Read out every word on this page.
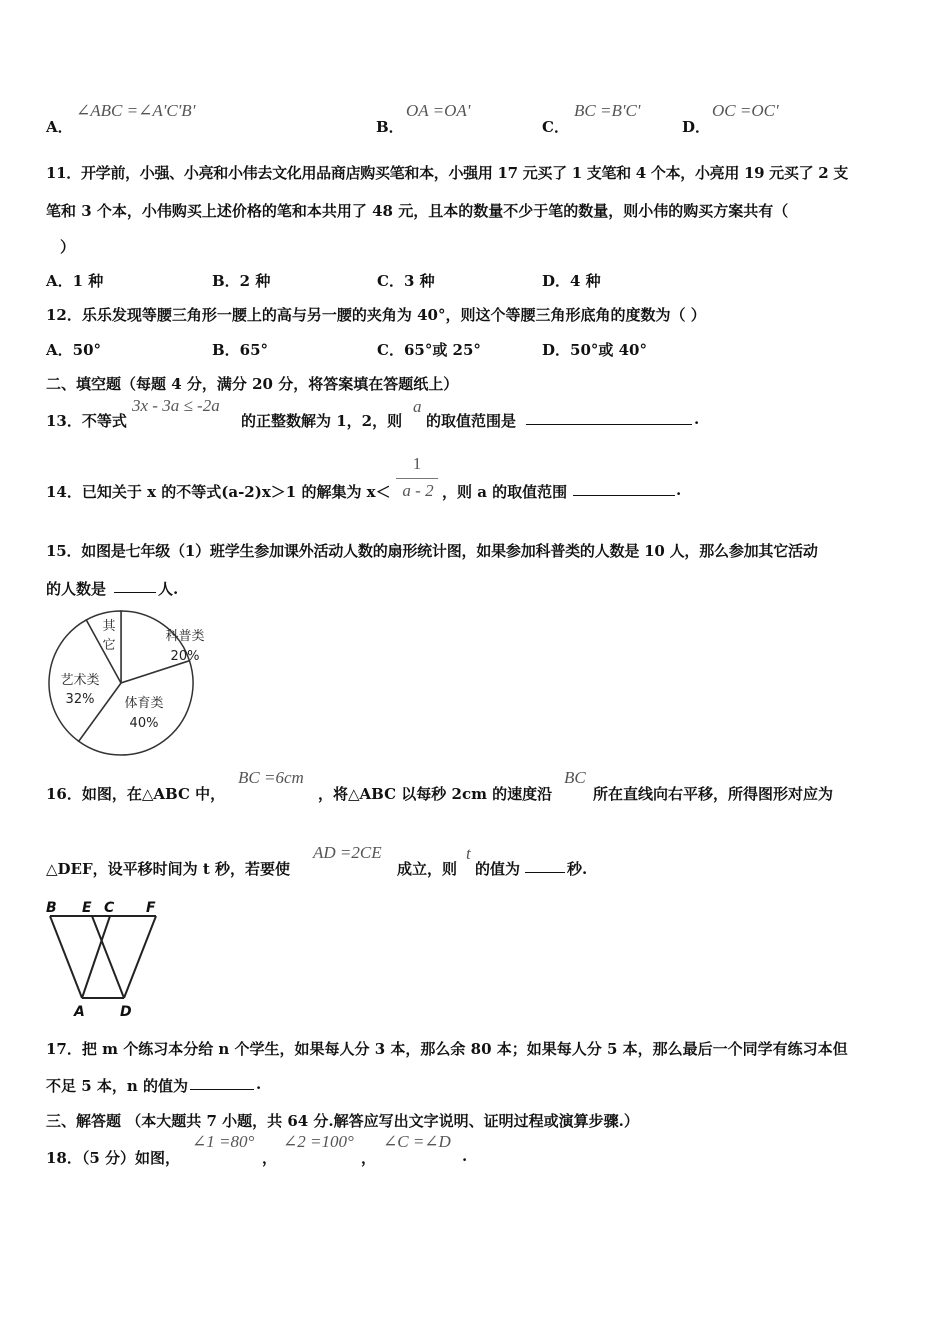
A．
∠ABC =∠A'C'B'
B．
OA =OA'
C．
BC =B'C'
D．
OC =OC'
11．开学前，小强、小亮和小伟去文化用品商店购买笔和本，小强用 17 元买了 1 支笔和 4 个本，小亮用 19 元买了 2 支
笔和 3 个本，小伟购买上述价格的笔和本共用了 48 元，且本的数量不少于笔的数量，则小伟的购买方案共有（
）
A．1 种	B．2 种	C．3 种	D．4 种
12．乐乐发现等腰三角形一腰上的高与另一腰的夹角为 40°，则这个等腰三角形底角的度数为（ ）
A．50°	B．65°	C．65°或 25°	D．50°或 40°
二、填空题（每题 4 分，满分 20 分，将答案填在答题纸上）
13．不等式
3x - 3a ≤ -2a
的正整数解为 1，2，则
a
的取值范围是	.
14．已知关于 x 的不等式(a-2)x＞1 的解集为 x＜
1
a - 2 ，则 a 的取值范围	.
15．如图是七年级（1）班学生参加课外活动人数的扇形统计图，如果参加科普类的人数是 10 人，那么参加其它活动
的人数是	人.
科普类
20%
体育类
40%
艺术类
32%
其
它
16．如图，在△ABC 中，
BC =6cm
，将△ABC 以每秒 2cm 的速度沿
BC
所在直线向右平移，所得图形对应为
△DEF，设平移时间为 t 秒，若要使
AD =2CE
成立，则
t
的值为	秒.
B E C F
A	D
17．把 m 个练习本分给 n 个学生，如果每人分 3 本，那么余 80 本；如果每人分 5 本，那么最后一个同学有练习本但
不足 5 本，n 的值为	.
三、解答题 （本大题共 7 小题，共 64 分.解答应写出文字说明、证明过程或演算步骤.）
18．（5 分）如图，
∠1 =80°
，
∠2 =100°
，
∠C =∠D
.
